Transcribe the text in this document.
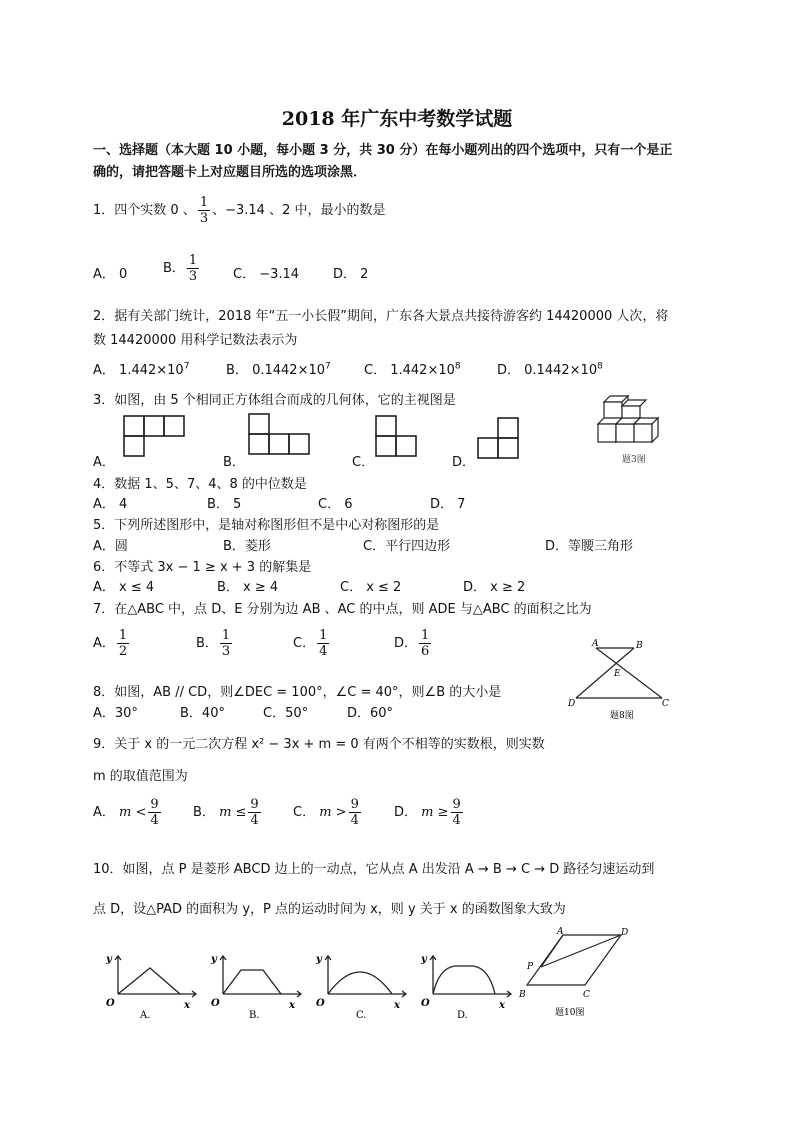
2018 年广东中考数学试题
一、选择题（本大题 10 小题，每小题 3 分，共 30 分）在每小题列出的四个选项中，只有一个是正
确的，请把答题卡上对应题目所选的选项涂黑．
1．四个实数 0 、 $\frac{1}{3}$ 、−3.14 、2 中，最小的数是
A． 0	B． $\frac{1}{3}$	C． −3.14	D． 2
2．据有关部门统计，2018 年“五一小长假”期间，广东各大景点共接待游客约 14420000 人次，将
数 14420000 用科学记数法表示为
A． $1.442\times 10^7$	B． $0.1442\times 10^7$	C． $1.442\times 10^8$	D． $0.1442\times 10^8$
3．如图，由 5 个相同正方体组合而成的几何体，它的主视图是
A．	B．	C．	D．	题3图
4．数据 1、5、7、4、8 的中位数是
A． 4	B． 5	C． 6	D． 7
5．下列所述图形中，是轴对称图形但不是中心对称图形的是
A．圆	B．菱形	C．平行四边形	D．等腰三角形
6．不等式 3x − 1 ≥ x + 3 的解集是
A． x ≤ 4	B． x ≥ 4	C． x ≤ 2	D． x ≥ 2
7．在△ABC 中，点 D、E 分别为边 AB 、AC 的中点，则 ADE 与△ABC 的面积之比为
A． $\frac{1}{2}$	B． $\frac{1}{3}$	C． $\frac{1}{4}$	D． $\frac{1}{6}$	A	B
D	C
E
题8图
8．如图，AB // CD，则∠DEC = 100°，∠C = 40°，则∠B 的大小是
A．30°	B．40°	C．50°	D．60°
9．关于 x 的一元二次方程 x² − 3x + m = 0 有两个不相等的实数根，则实数
m 的取值范围为
A． $m < \frac{9}{4}$ B． $m \le \frac{9}{4}$ C． $m > \frac{9}{4}$	D． $m \ge \frac{9}{4}$
10．如图，点 P 是菱形 ABCD 边上的一动点，它从点 A 出发沿 A → B → C → D 路径匀速运动到
点 D，设△PAD 的面积为 y，P 点的运动时间为 x，则 y 关于 x 的函数图象大致为
y
x
O
A.
y
x
O
B.
y
x
O
C.
y
x
O
D.
A	D
B	C
P
题10图
